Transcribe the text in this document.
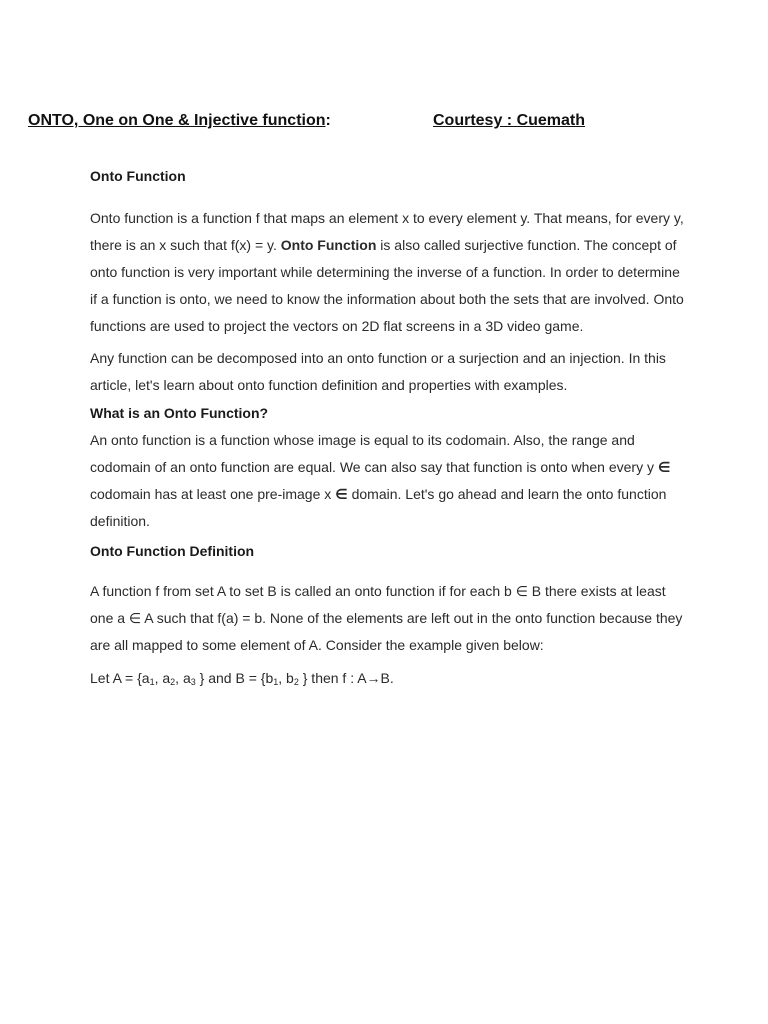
ONTO, One on One & Injective function:	Courtesy : Cuemath
Onto Function

Onto function is a function f that maps an element x to every element y. That means, for every y, there is an x such that f(x) = y. Onto Function is also called surjective function. The concept of onto function is very important while determining the inverse of a function. In order to determine if a function is onto, we need to know the information about both the sets that are involved. Onto functions are used to project the vectors on 2D flat screens in a 3D video game.

Any function can be decomposed into an onto function or a surjection and an injection. In this article, let's learn about onto function definition and properties with examples.

What is an Onto Function?

An onto function is a function whose image is equal to its codomain. Also, the range and codomain of an onto function are equal. We can also say that function is onto when every y ∈ codomain has at least one pre-image x ∈ domain. Let's go ahead and learn the onto function definition.

Onto Function Definition

A function f from set A to set B is called an onto function if for each b ∈ B there exists at least one a ∈ A such that f(a) = b. None of the elements are left out in the onto function because they are all mapped to some element of A. Consider the example given below:

Let $A = \{a_1$, $a_2$, $a_3$ } and $B = \{b_1$, $b_2$ } then f : A→B.
